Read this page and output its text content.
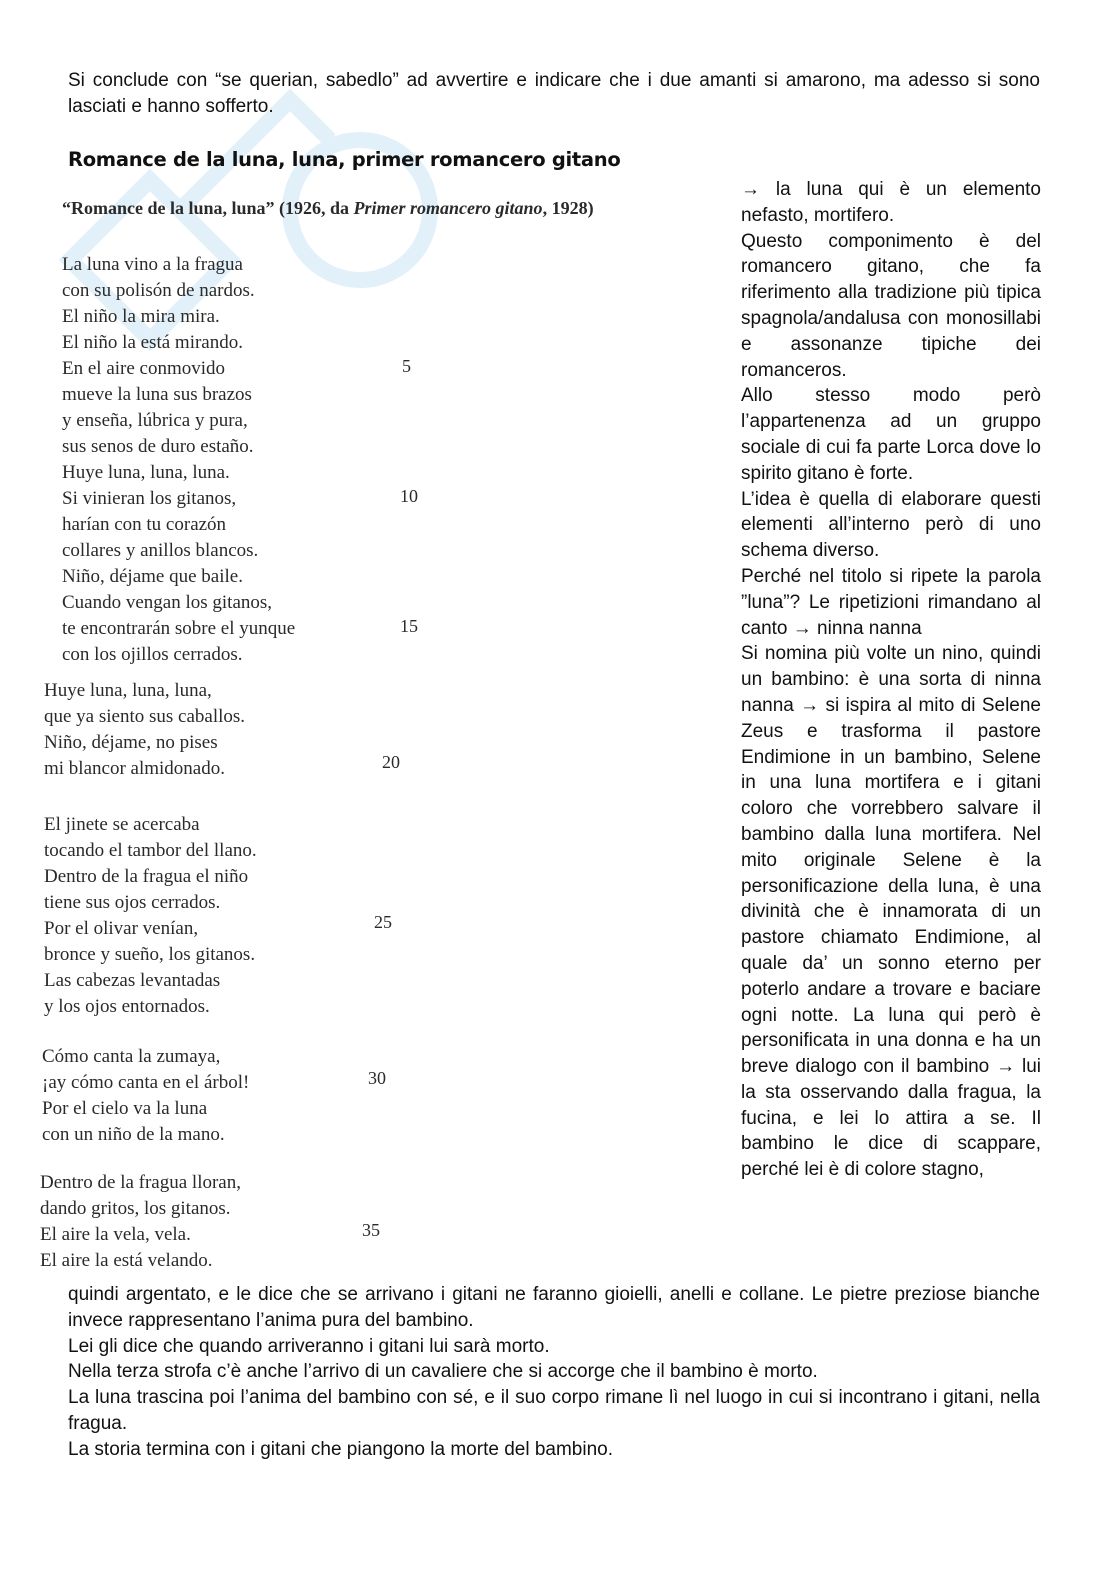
Si conclude con “se querian, sabedlo” ad avvertire e indicare che i due amanti si amarono, ma adesso si sono lasciati e hanno sofferto.
Romance de la luna, luna, primer romancero gitano
“Romance de la luna, luna” (1926, da Primer romancero gitano, 1928)
La luna vino a la fragua
con su polisón de nardos.
El niño la mira mira.
El niño la está mirando.
En el aire conmovido
mueve la luna sus brazos
y enseña, lúbrica y pura,
sus senos de duro estaño.
Huye luna, luna, luna.
Si vinieran los gitanos,
harían con tu corazón
collares y anillos blancos.
Niño, déjame que baile.
Cuando vengan los gitanos,
te encontrarán sobre el yunque
con los ojillos cerrados.
Huye luna, luna, luna,
que ya siento sus caballos.
Niño, déjame, no pises
mi blancor almidonado.
El jinete se acercaba
tocando el tambor del llano.
Dentro de la fragua el niño
tiene sus ojos cerrados.
Por el olivar venían,
bronce y sueño, los gitanos.
Las cabezas levantadas
y los ojos entornados.
Cómo canta la zumaya,
¡ay cómo canta en el árbol!
Por el cielo va la luna
con un niño de la mano.
Dentro de la fragua lloran,
dando gritos, los gitanos.
El aire la vela, vela.
El aire la está velando.
5
10
15
20
25
30
35

→ la luna qui è un elemento nefasto, mortifero.

Questo componimento è del romancero gitano, che fa riferimento alla tradizione più tipica spagnola/andalusa con monosillabi e assonanze tipiche dei romanceros.

Allo stesso modo però l’appartenenza ad un gruppo sociale di cui fa parte Lorca dove lo spirito gitano è forte.

L’idea è quella di elaborare questi elementi all’interno però di uno schema diverso.

Perché nel titolo si ripete la parola ”luna”? Le ripetizioni rimandano al canto → ninna nanna

Si nomina più volte un nino, quindi un bambino: è una sorta di ninna nanna → si ispira al mito di Selene Zeus e trasforma il pastore Endimione in un bambino, Selene in una luna mortifera e i gitani coloro che vorrebbero salvare il bambino dalla luna mortifera. Nel mito originale Selene è la personificazione della luna, è una divinità che è innamorata di un pastore chiamato Endimione, al quale da’ un sonno eterno per poterlo andare a trovare e baciare ogni notte. La luna qui però è personificata in una donna e ha un breve dialogo con il bambino → lui la sta osservando dalla fragua, la fucina, e lei lo attira a se. Il bambino le dice di scappare, perché lei è di colore stagno,

quindi argentato, e le dice che se arrivano i gitani ne faranno gioielli, anelli e collane. Le pietre preziose bianche invece rappresentano l’anima pura del bambino.

Lei gli dice che quando arriveranno i gitani lui sarà morto.

Nella terza strofa c’è anche l’arrivo di un cavaliere che si accorge che il bambino è morto.

La luna trascina poi l’anima del bambino con sé, e il suo corpo rimane lì nel luogo in cui si incontrano i gitani, nella fragua.

La storia termina con i gitani che piangono la morte del bambino.
